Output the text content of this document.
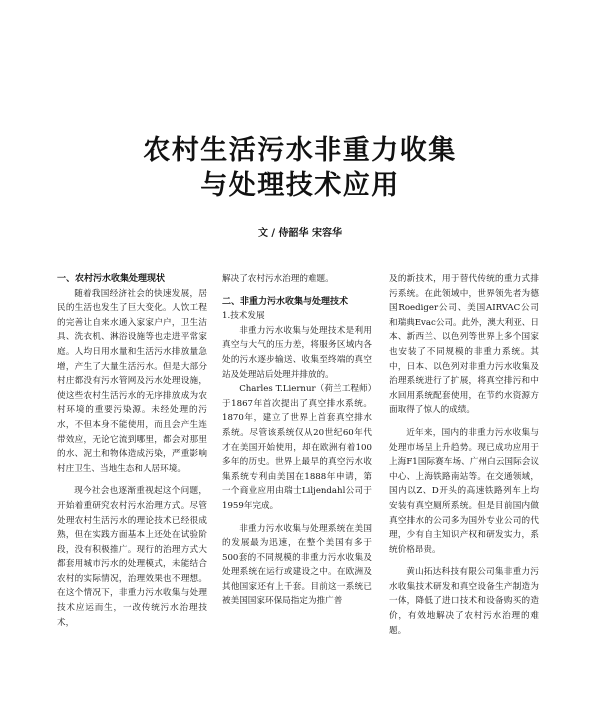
农村生活污水非重力收集
与处理技术应用
文 / 侍韶华 宋容华
一、农村污水收集处理现状

随着我国经济社会的快速发展，居民的生活也发生了巨大变化。人饮工程的完善让自来水通入家家户户，卫生洁具、洗衣机、淋浴设施等也走进平常家庭。人均日用水量和生活污水排放量急增，产生了大量生活污水。但是大部分村庄都没有污水管网及污水处理设施，使这些农村生活污水的无序排放成为农村环境的重要污染源。未经处理的污水，不但本身不能使用，而且会产生连带效应，无论它流到哪里，都会对那里的水、泥土和物体造成污染，严重影响村庄卫生、当地生态和人居环境。

现今社会也逐渐重视起这个问题，开始着重研究农村污水治理方式。尽管处理农村生活污水的理论技术已经很成熟，但在实践方面基本上还处在试验阶段，没有积极推广。现行的治理方式大都套用城市污水的处理模式，未能结合农村的实际情况，治理效果也不理想。在这个情况下，非重力污水收集与处理技术应运而生，一改传统污水治理技术，

解决了农村污水治理的难题。

二、非重力污水收集与处理技术
1.技术发展

非重力污水收集与处理技术是利用真空与大气的压力差，将服务区域内各处的污水逐步输送、收集至终端的真空站及处理站后处理并排放的。

Charles T.Liernur（荷兰工程师）于1867年首次提出了真空排水系统。1870年，建立了世界上首套真空排水系统。尽管该系统仅从20世纪60年代才在美国开始使用，却在欧洲有着100多年的历史。世界上最早的真空污水收集系统专利由美国在1888年申请，第一个商业应用由瑞士Liljendahl公司于1959年完成。

非重力污水收集与处理系统在美国的发展最为迅速，在整个美国有多于500套的不同规模的非重力污水收集及处理系统在运行或建设之中。在欧洲及其他国家还有上千套。目前这一系统已被美国国家环保局指定为推广普

及的新技术，用于替代传统的重力式排污系统。在此领域中，世界领先者为德国Roediger公司、美国AIRVAC公司和瑞典Evac公司。此外，澳大利亚、日本、新西兰、以色列等世界上多个国家也安装了不同规模的非重力系统。其中，日本、以色列对非重力污水收集及治理系统进行了扩展，将真空排污和中水回用系统配套使用，在节约水资源方面取得了惊人的成绩。

近年来，国内的非重力污水收集与处理市场呈上升趋势。现已成功应用于上海F1国际赛车场、广州白云国际会议中心、上海铁路南站等。在交通领域，国内以Z、D开头的高速铁路列车上均安装有真空厕所系统。但是目前国内做真空排水的公司多为国外专业公司的代理，少有自主知识产权和研发实力，系统价格昂贵。

黄山拓达科技有限公司集非重力污水收集技术研发和真空设备生产制造为一体，降低了进口技术和设备购买的造价，有效地解决了农村污水治理的难题。
